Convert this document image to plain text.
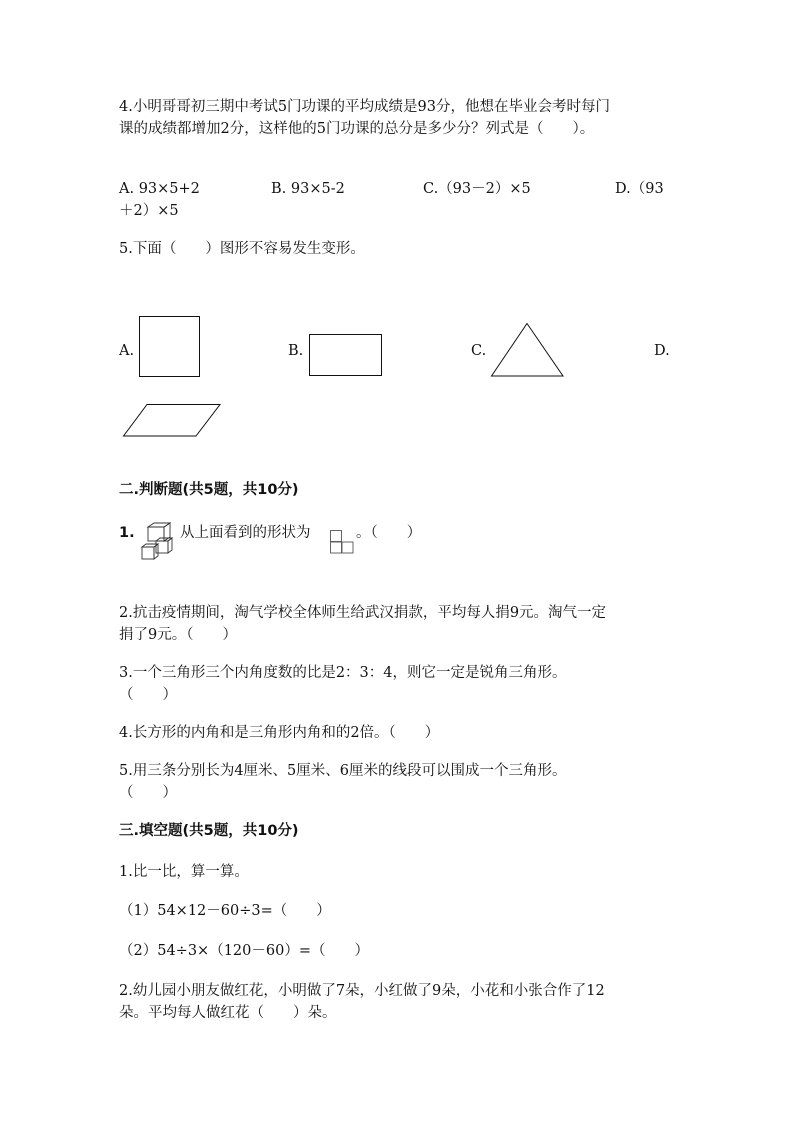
4.小明哥哥初三期中考试5门功课的平均成绩是93分，他想在毕业会考时每门
课的成绩都增加2分，这样他的5门功课的总分是多少分？列式是（　　）。
A. 93×5+2	B. 93×5-2	C.（93－2）×5	D.（93
＋2）×5
5.下面（　　）图形不容易发生变形。
A.	B.	C.	D.
二.判断题(共5题，共10分)
1.	从上面看到的形状为	。（　　）
2.抗击疫情期间，淘气学校全体师生给武汉捐款，平均每人捐9元。淘气一定
捐了9元。（　　）
3.一个三角形三个内角度数的比是2：3：4，则它一定是锐角三角形。
（　　）
4.长方形的内角和是三角形内角和的2倍。（　　）
5.用三条分别长为4厘米、5厘米、6厘米的线段可以围成一个三角形。
（　　）
三.填空题(共5题，共10分)
1.比一比，算一算。
（1）54×12－60÷3=（　　）
（2）54÷3×（120－60）=（　　）
2.幼儿园小朋友做红花，小明做了7朵，小红做了9朵，小花和小张合作了12
朵。平均每人做红花（　　）朵。
